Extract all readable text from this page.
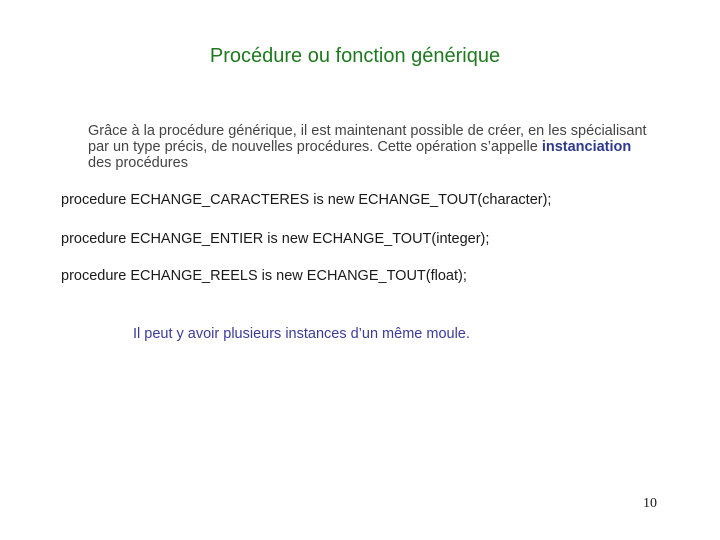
Procédure ou fonction générique
Grâce à la procédure générique, il est maintenant possible de créer, en les spécialisant par un type précis, de nouvelles procédures. Cette opération s’appelle instanciation des procédures
procedure ECHANGE_CARACTERES is new ECHANGE_TOUT(character);
procedure ECHANGE_ENTIER is new ECHANGE_TOUT(integer);
procedure ECHANGE_REELS is new ECHANGE_TOUT(float);
Il peut y avoir plusieurs instances d’un même moule.
10
